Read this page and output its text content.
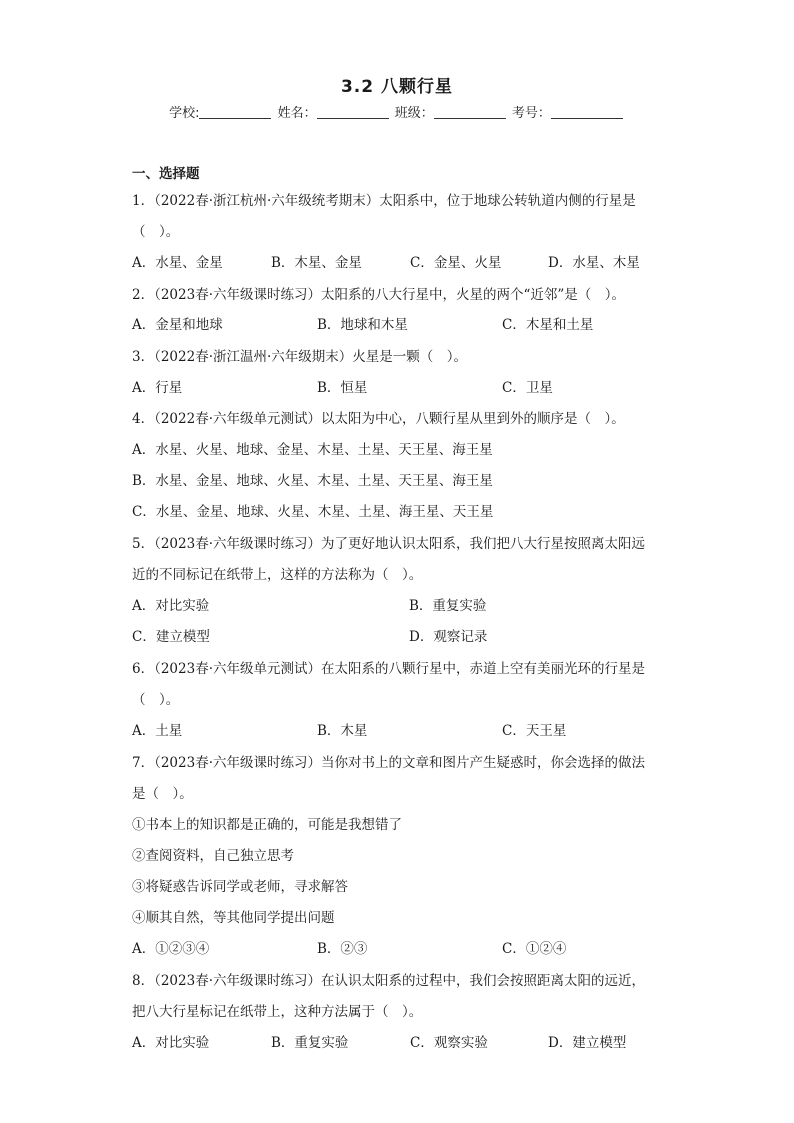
3.2 八颗行星
学校:	姓名：	班级：	考号：
一、选择题
1．（2022春·浙江杭州·六年级统考期末）太阳系中，位于地球公转轨道内侧的行星是
（　）。
A．水星、金星	B．木星、金星	C．金星、火星	D．水星、木星
2．（2023春·六年级课时练习）太阳系的八大行星中，火星的两个“近邻”是（　）。
A．金星和地球	B．地球和木星	C．木星和土星
3．（2022春·浙江温州·六年级期末）火星是一颗（　）。
A．行星	B．恒星	C．卫星
4．（2022春·六年级单元测试）以太阳为中心，八颗行星从里到外的顺序是（　）。
A．水星、火星、地球、金星、木星、土星、天王星、海王星
B．水星、金星、地球、火星、木星、土星、天王星、海王星
C．水星、金星、地球、火星、木星、土星、海王星、天王星
5．（2023春·六年级课时练习）为了更好地认识太阳系，我们把八大行星按照离太阳远
近的不同标记在纸带上，这样的方法称为（　）。
A．对比实验	B．重复实验
C．建立模型	D．观察记录
6．（2023春·六年级单元测试）在太阳系的八颗行星中，赤道上空有美丽光环的行星是
（　）。
A．土星	B．木星	C．天王星
7．（2023春·六年级课时练习）当你对书上的文章和图片产生疑惑时，你会选择的做法
是（　）。
①书本上的知识都是正确的，可能是我想错了
②查阅资料，自己独立思考
③将疑惑告诉同学或老师，寻求解答
④顺其自然，等其他同学提出问题
A．①②③④	B．②③	C．①②④
8．（2023春·六年级课时练习）在认识太阳系的过程中，我们会按照距离太阳的远近，
把八大行星标记在纸带上，这种方法属于（　）。
A．对比实验	B．重复实验	C．观察实验	D．建立模型
